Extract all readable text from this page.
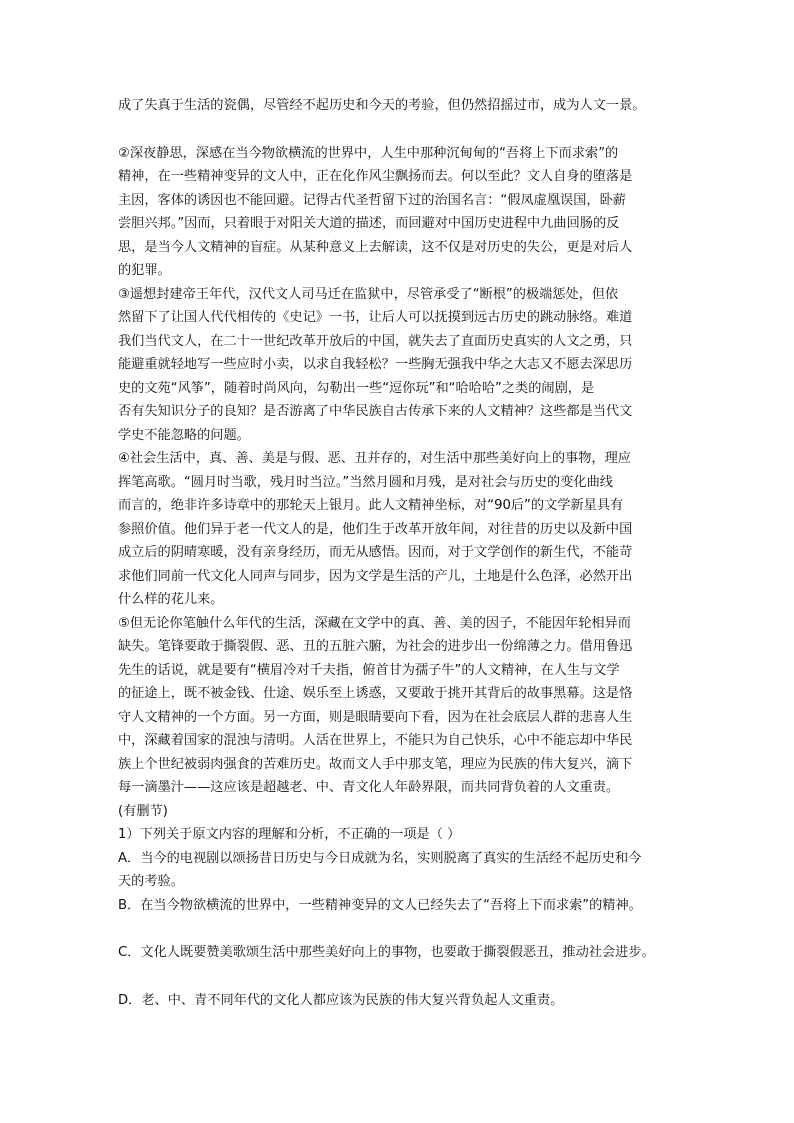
成了失真于生活的瓷偶，尽管经不起历史和今天的考验，但仍然招摇过市，成为人文一景。
②深夜静思，深感在当今物欲横流的世界中，人生中那种沉甸甸的“吾将上下而求索”的
精神，在一些精神变异的文人中，正在化作风尘飘扬而去。何以至此？文人自身的堕落是
主因，客体的诱因也不能回避。记得古代圣哲留下过的治国名言：“假凤虚凰误国，卧薪
尝胆兴邦。”因而，只着眼于对阳关大道的描述，而回避对中国历史进程中九曲回肠的反
思，是当今人文精神的盲症。从某种意义上去解读，这不仅是对历史的失公，更是对后人
的犯罪。
③遥想封建帝王年代，汉代文人司马迁在监狱中，尽管承受了“断根”的极端惩处，但依
然留下了让国人代代相传的《史记》一书，让后人可以抚摸到远古历史的跳动脉络。难道
我们当代文人，在二十一世纪改革开放后的中国，就失去了直面历史真实的人文之勇，只
能避重就轻地写一些应时小卖，以求自我轻松？一些胸无强我中华之大志又不愿去深思历
史的文苑“风筝”，随着时尚风向，勾勒出一些“逗你玩”和“哈哈哈”之类的闹剧，是
否有失知识分子的良知？是否游离了中华民族自古传承下来的人文精神？这些都是当代文
学史不能忽略的问题。
④社会生活中，真、善、美是与假、恶、丑并存的，对生活中那些美好向上的事物，理应
挥笔高歌。“圆月时当歌，残月时当泣。”当然月圆和月残，是对社会与历史的变化曲线
而言的，绝非许多诗章中的那轮天上银月。此人文精神坐标，对“90后”的文学新星具有
参照价值。他们异于老一代文人的是，他们生于改革开放年间，对往昔的历史以及新中国
成立后的阴晴寒暖，没有亲身经历，而无从感悟。因而，对于文学创作的新生代，不能苛
求他们同前一代文化人同声与同步，因为文学是生活的产儿，土地是什么色泽，必然开出
什么样的花儿来。
⑤但无论你笔触什么年代的生活，深藏在文学中的真、善、美的因子，不能因年轮相异而
缺失。笔锋要敢于撕裂假、恶、丑的五脏六腑，为社会的进步出一份绵薄之力。借用鲁迅
先生的话说，就是要有“横眉冷对千夫指，俯首甘为孺子牛”的人文精神，在人生与文学
的征途上，既不被金钱、仕途、娱乐至上诱惑，又要敢于挑开其背后的故事黑幕。这是恪
守人文精神的一个方面。另一方面，则是眼睛要向下看，因为在社会底层人群的悲喜人生
中，深藏着国家的混浊与清明。人活在世界上，不能只为自己快乐，心中不能忘却中华民
族上个世纪被弱肉强食的苦难历史。故而文人手中那支笔，理应为民族的伟大复兴，滴下
每一滴墨汁——这应该是超越老、中、青文化人年龄界限，而共同背负着的人文重责。
(有删节)
1）下列关于原文内容的理解和分析，不正确的一项是（ ）
A．当今的电视剧以颂扬昔日历史与今日成就为名，实则脱离了真实的生活经不起历史和今
天的考验。
B．在当今物欲横流的世界中，一些精神变异的文人已经失去了“吾将上下而求索”的精神。
C．文化人既要赞美歌颂生活中那些美好向上的事物，也要敢于撕裂假恶丑，推动社会进步。
D．老、中、青不同年代的文化人都应该为民族的伟大复兴背负起人文重责。
